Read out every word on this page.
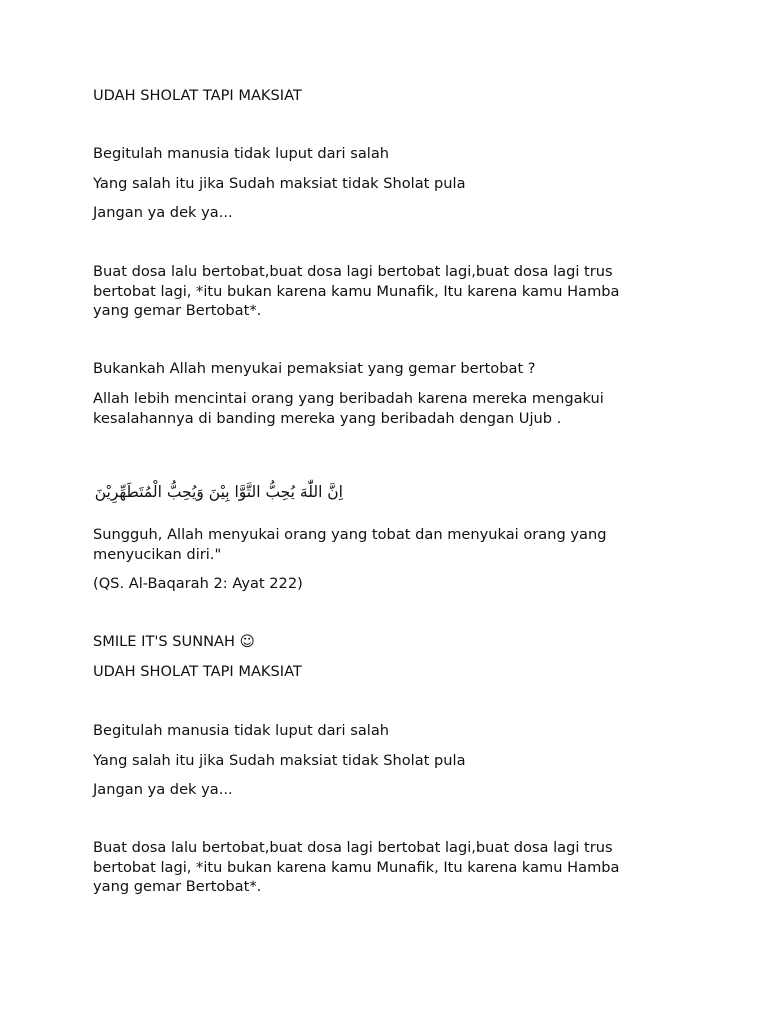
UDAH SHOLAT TAPI MAKSIAT

Begitulah manusia tidak luput dari salah

Yang salah itu jika Sudah maksiat tidak Sholat pula

Jangan ya dek ya...

Buat dosa lalu bertobat,buat dosa lagi bertobat lagi,buat dosa lagi trus

bertobat lagi, *itu bukan karena kamu Munafik, Itu karena kamu Hamba

yang gemar Bertobat*.

Bukankah Allah menyukai pemaksiat yang gemar bertobat ?

Allah lebih mencintai orang yang beribadah karena mereka mengakui

kesalahannya di banding mereka yang beribadah dengan Ujub .

اِنَّ اللّٰهَ يُحِبُّ التَّوَّا بِيْنَ وَيُحِبُّ الْمُتَطَهِّرِيْنَ

Sungguh, Allah menyukai orang yang tobat dan menyukai orang yang

menyucikan diri."

(QS. Al-Baqarah 2: Ayat 222)

SMILE IT'S SUNNAH ☺

UDAH SHOLAT TAPI MAKSIAT

Begitulah manusia tidak luput dari salah

Yang salah itu jika Sudah maksiat tidak Sholat pula

Jangan ya dek ya...

Buat dosa lalu bertobat,buat dosa lagi bertobat lagi,buat dosa lagi trus

bertobat lagi, *itu bukan karena kamu Munafik, Itu karena kamu Hamba

yang gemar Bertobat*.
